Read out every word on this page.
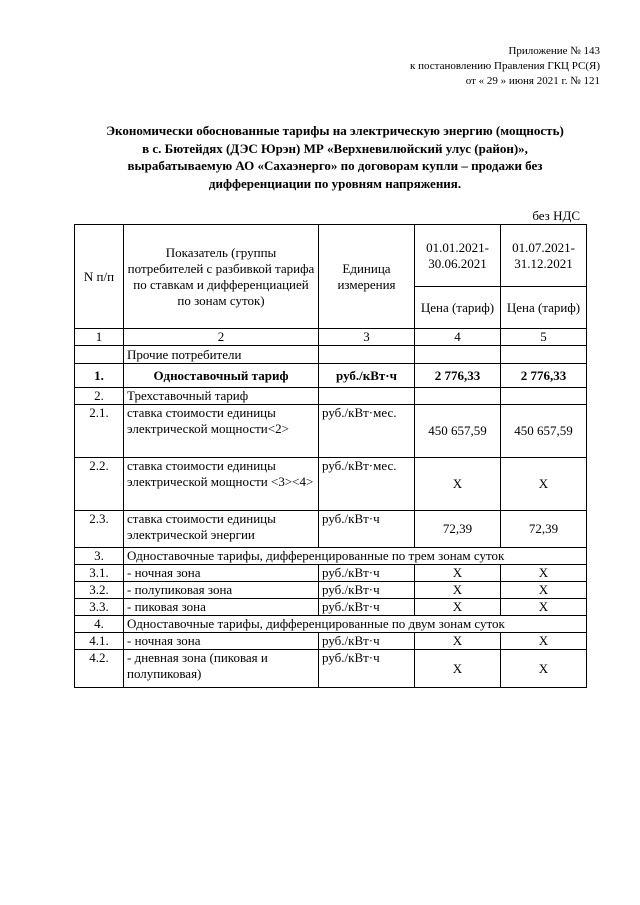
Приложение № 143
к постановлению Правления ГКЦ РС(Я)
от « 29 » июня 2021 г. № 121
Экономически обоснованные тарифы на электрическую энергию (мощность)
в с. Бютейдях (ДЭС Юрэн) МР «Верхневилюйский улус (район)»,
вырабатываемую АО «Сахаэнерго» по договорам купли – продажи без
дифференциации по уровням напряжения.
без НДС
N п/п	Показатель (группы потребителей с разбивкой тарифа по ставкам и дифференциацией по зонам суток)	Единица измерения	01.01.2021-30.06.2021	01.07.2021-31.12.2021
			Цена (тариф)	Цена (тариф)
1	2	3	4	5
	Прочие потребители			
1.	Одноставочный тариф	руб./кВт·ч	2 776,33	2 776,33
2.	Трехставочный тариф			
2.1.	ставка стоимости единицы электрической мощности<2>	руб./кВт·мес.	450 657,59	450 657,59
2.2.	ставка стоимости единицы электрической мощности <3><4>	руб./кВт·мес.	X	X
2.3.	ставка стоимости единицы электрической энергии	руб./кВт·ч	72,39	72,39
3.	Одноставочные тарифы, дифференцированные по трем зонам суток			
3.1.	- ночная зона	руб./кВт·ч	X	X
3.2.	- полупиковая зона	руб./кВт·ч	X	X
3.3.	- пиковая зона	руб./кВт·ч	X	X
4.	Одноставочные тарифы, дифференцированные по двум зонам суток			
4.1.	- ночная зона	руб./кВт·ч	X	X
4.2.	- дневная зона (пиковая и полупиковая)	руб./кВт·ч	X	X
